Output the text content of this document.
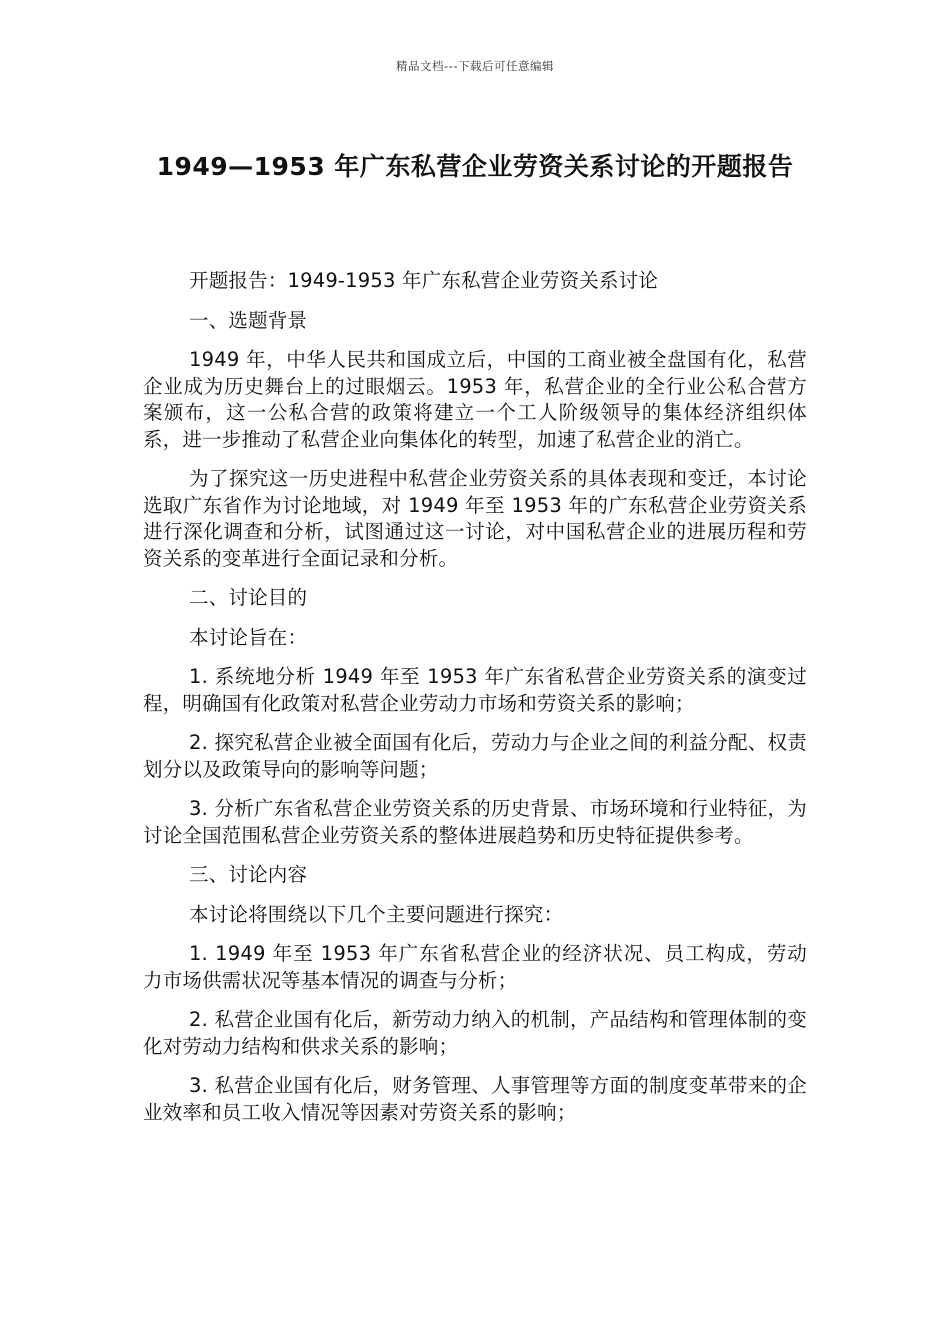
精品文档---下载后可任意编辑
1949—1953 年广东私营企业劳资关系讨论的开题报告

开题报告：1949-1953 年广东私营企业劳资关系讨论

一、选题背景

1949 年，中华人民共和国成立后，中国的工商业被全盘国有化，私营企业成为历史舞台上的过眼烟云。1953 年，私营企业的全行业公私合营方案颁布，这一公私合营的政策将建立一个工人阶级领导的集体经济组织体系，进一步推动了私营企业向集体化的转型，加速了私营企业的消亡。

为了探究这一历史进程中私营企业劳资关系的具体表现和变迁，本讨论选取广东省作为讨论地域，对 1949 年至 1953 年的广东私营企业劳资关系进行深化调查和分析，试图通过这一讨论，对中国私营企业的进展历程和劳资关系的变革进行全面记录和分析。

二、讨论目的

本讨论旨在：

1. 系统地分析 1949 年至 1953 年广东省私营企业劳资关系的演变过程，明确国有化政策对私营企业劳动力市场和劳资关系的影响；

2. 探究私营企业被全面国有化后，劳动力与企业之间的利益分配、权责划分以及政策导向的影响等问题；

3. 分析广东省私营企业劳资关系的历史背景、市场环境和行业特征，为讨论全国范围私营企业劳资关系的整体进展趋势和历史特征提供参考。

三、讨论内容

本讨论将围绕以下几个主要问题进行探究：

1. 1949 年至 1953 年广东省私营企业的经济状况、员工构成，劳动力市场供需状况等基本情况的调查与分析；

2. 私营企业国有化后，新劳动力纳入的机制，产品结构和管理体制的变化对劳动力结构和供求关系的影响；

3. 私营企业国有化后，财务管理、人事管理等方面的制度变革带来的企业效率和员工收入情况等因素对劳资关系的影响；
